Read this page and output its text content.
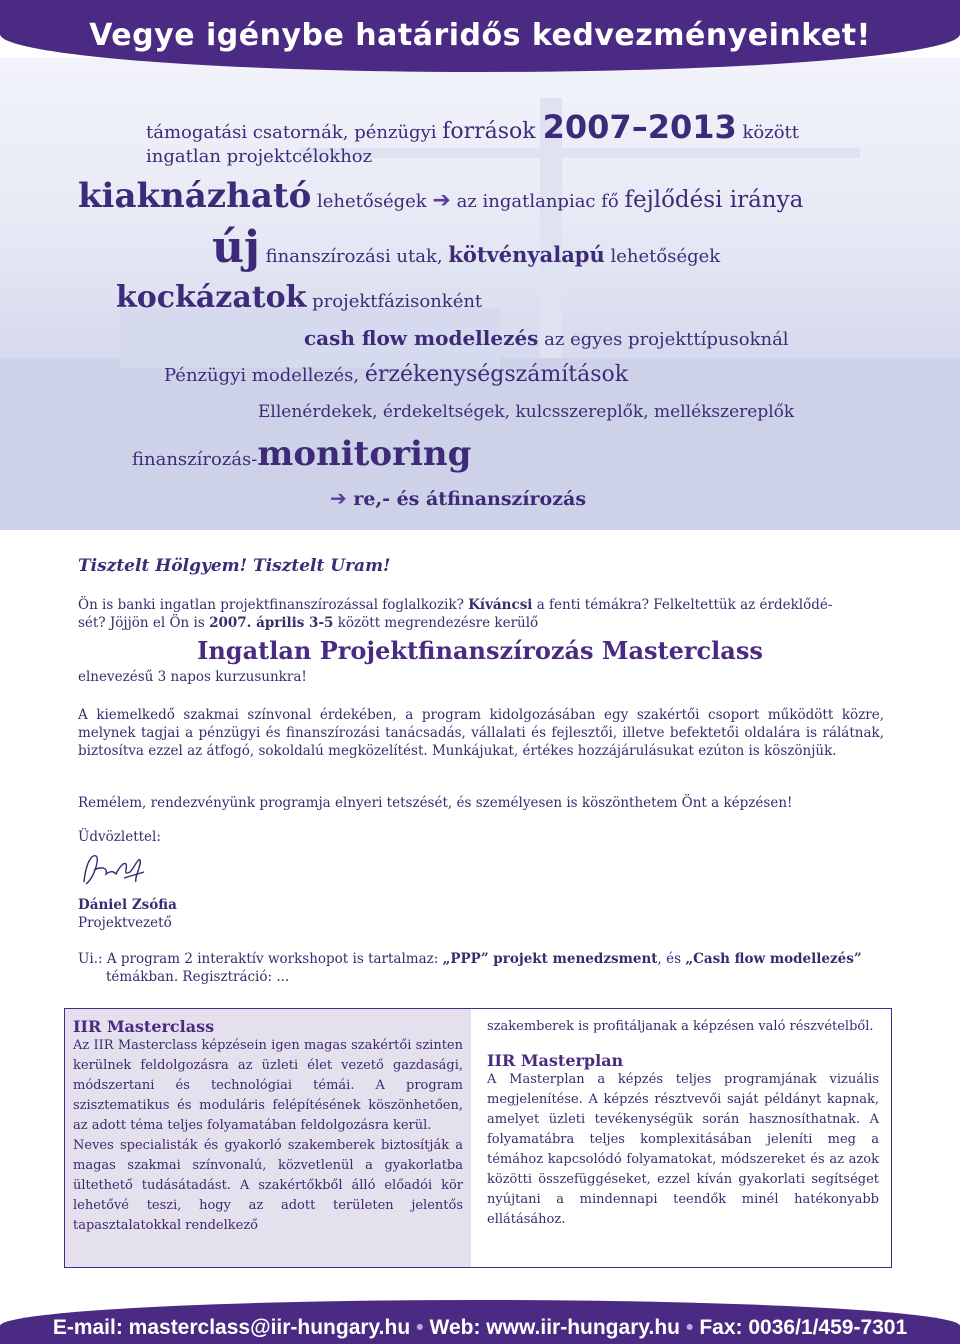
Vegye igénybe határidős kedvezményeinket!
támogatási csatornák, pénzügyi források 2007–2013 között
ingatlan projektcélokhoz
kiaknázható lehetőségek ➔ az ingatlanpiac fő fejlődési iránya
új finanszírozási utak, kötvényalapú lehetőségek
kockázatok projektfázisonként
cash flow modellezés az egyes projekttípusoknál
Pénzügyi modellezés, érzékenységszámítások
Ellenérdekek, érdekeltségek, kulcsszereplők, mellékszereplők
finanszírozás-monitoring
➔ re,- és átfinanszírozás
Tisztelt Hölgyem! Tisztelt Uram!
Ön is banki ingatlan projektfinanszírozással foglalkozik? Kíváncsi a fenti témákra? Felkeltettük az érdeklődé-
sét? Jöjjön el Ön is 2007. április 3-5 között megrendezésre kerülő
Ingatlan Projektfinanszírozás Masterclass
elnevezésű 3 napos kurzusunkra!
A kiemelkedő szakmai színvonal érdekében, a program kidolgozásában egy szakértői csoport működött közre, melynek tagjai a pénzügyi és finanszírozási tanácsadás, vállalati és fejlesztői, illetve befektetői oldalára is rálátnak, biztosítva ezzel az átfogó, sokoldalú megközelítést. Munkájukat, értékes hozzájárulásukat ezúton is köszönjük.
Remélem, rendezvényünk programja elnyeri tetszését, és személyesen is köszönthetem Önt a képzésen!
Üdvözlettel:
Dániel Zsófia
Projektvezető
Ui.: A program 2 interaktív workshopot is tartalmaz: „PPP” projekt menedzsment, és „Cash flow modellezés”
témákban. Regisztráció: ...
IIR Masterclass
Az IIR Masterclass képzésein igen magas szakértői szinten kerülnek feldolgozásra az üzleti élet vezető gazdasági, módszertani és technológiai témái. A program szisztematikus és moduláris felépítésének köszönhetően, az adott téma teljes folyamatában feldolgozásra kerül.
Neves specialisták és gyakorló szakemberek biztosítják a magas szakmai színvonalú, közvetlenül a gyakorlatba ültethető tudásátadást. A szakértőkből álló előadói kör lehetővé teszi, hogy az adott területen jelentős tapasztalatokkal rendelkező
szakemberek is profitáljanak a képzésen való részvételből.
IIR Masterplan
A Masterplan a képzés teljes programjának vizuális megjelenítése. A képzés résztvevői saját példányt kapnak, amelyet üzleti tevékenységük során hasznosíthatnak. A folyamatábra teljes komplexitásában jeleníti meg a témához kapcsolódó folyamatokat, módszereket és az azok közötti összefüggéseket, ezzel kíván gyakorlati segítséget nyújtani a mindennapi teendők minél hatékonyabb ellátásához.
E-mail: masterclass@iir-hungary.hu • Web: www.iir-hungary.hu • Fax: 0036/1/459-7301
